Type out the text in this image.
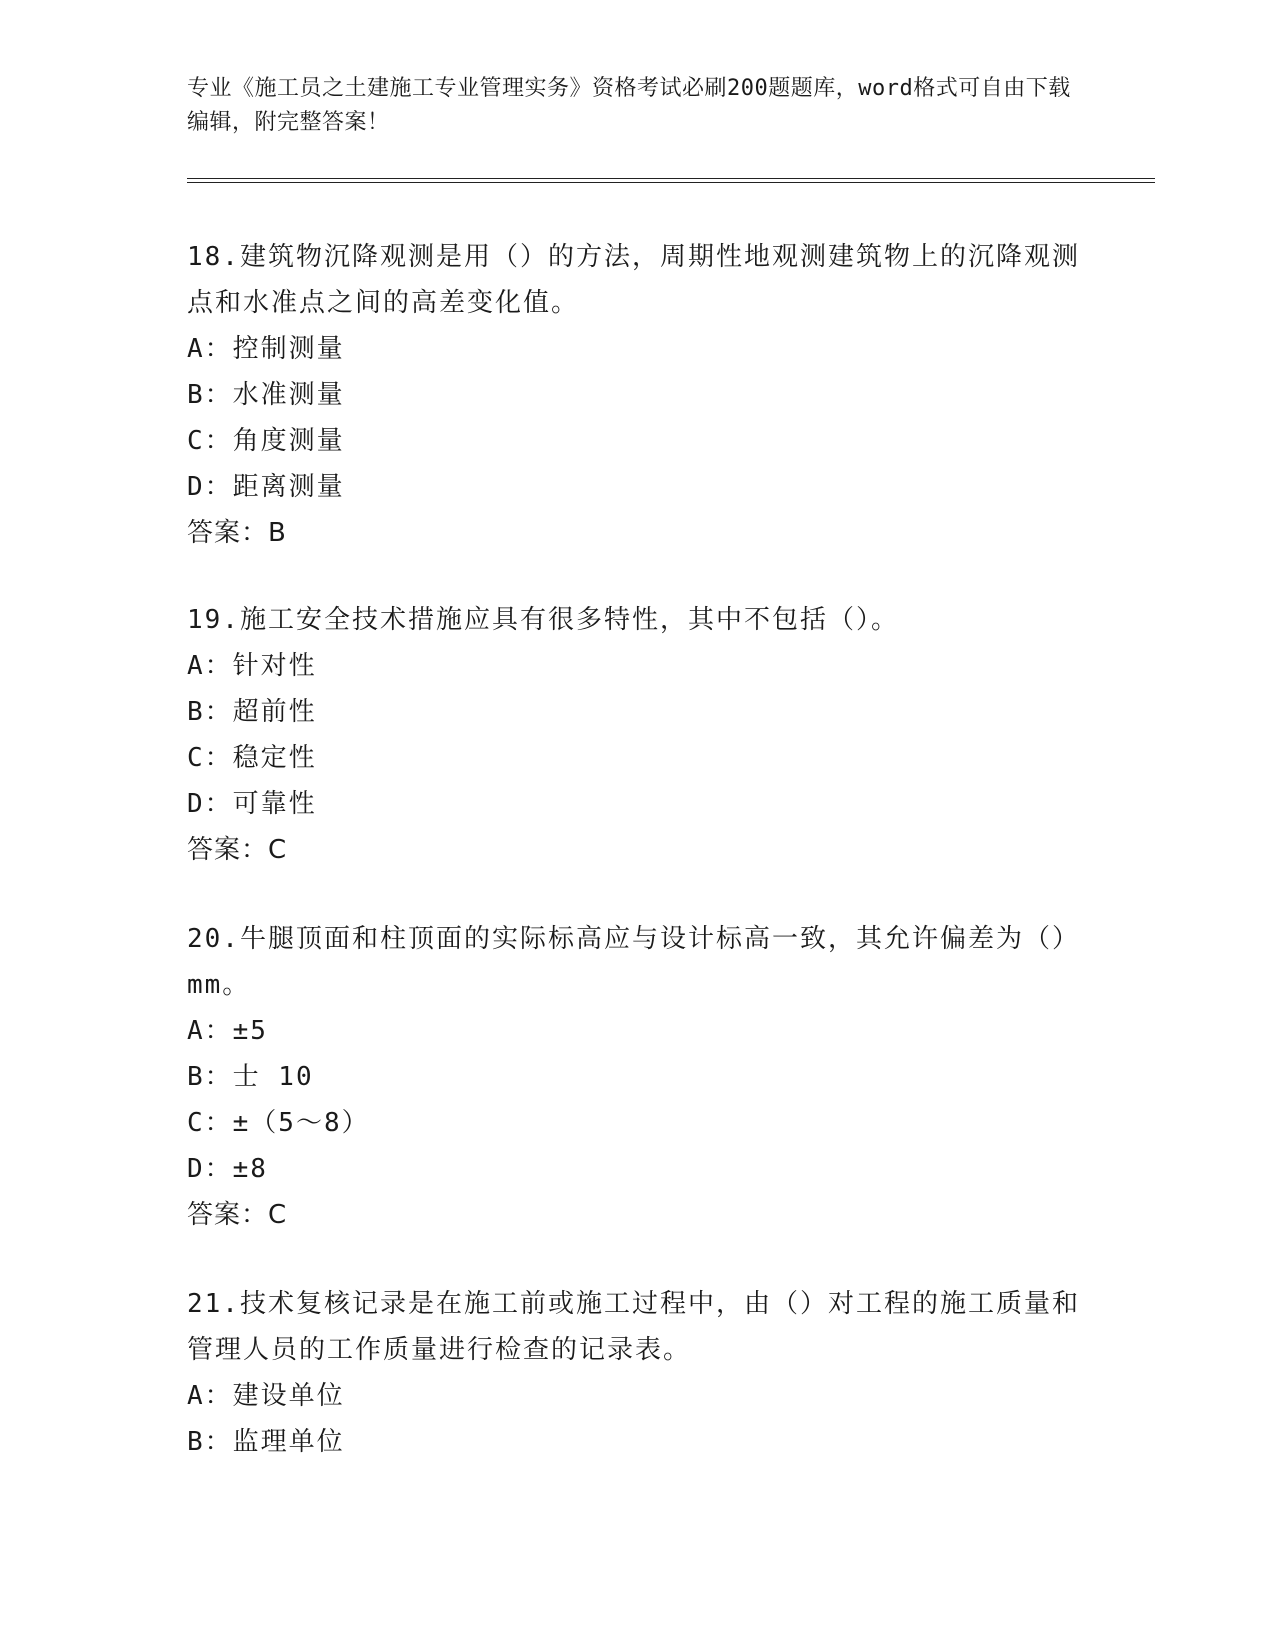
专业《施工员之土建施工专业管理实务》资格考试必刷200题题库，word格式可自由下载编辑，附完整答案！

18.建筑物沉降观测是用（）的方法，周期性地观测建筑物上的沉降观测点和水准点之间的高差变化值。

A：控制测量

B：水准测量

C：角度测量

D：距离测量

答案：B

19.施工安全技术措施应具有很多特性，其中不包括（）。

A：针对性

B：超前性

C：稳定性

D：可靠性

答案：C

20.牛腿顶面和柱顶面的实际标高应与设计标高一致，其允许偏差为（）mm。

A：±5

B：士 10

C：±（5～8）

D：±8

答案：C

21.技术复核记录是在施工前或施工过程中，由（）对工程的施工质量和管理人员的工作质量进行检查的记录表。

A：建设单位

B：监理单位
